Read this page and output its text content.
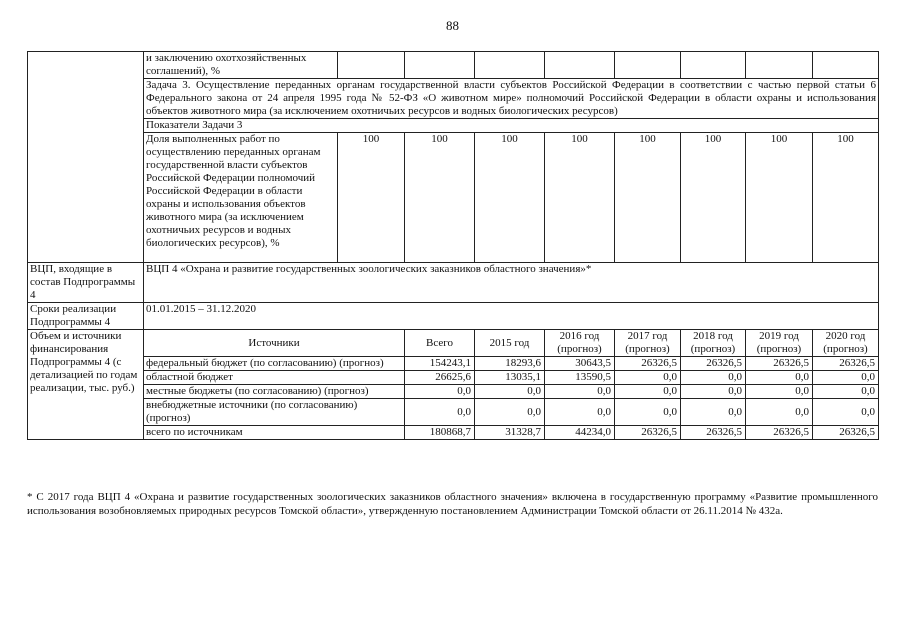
88
	и заключению охотхозяйственных соглашений), %								
	Задача 3. Осуществление переданных органам государственной власти субъектов Российской Федерации в соответствии с частью первой статьи 6 Федерального закона от 24 апреля 1995 года № 52-ФЗ «О животном мире» полномочий Российской Федерации в области охраны и использования объектов животного мира (за исключением охотничьих ресурсов и водных биологических ресурсов)								
	Показатели Задачи 3								
	Доля выполненных работ по осуществлению переданных органам государственной власти субъектов Российской Федерации полномочий Российской Федерации в области охраны и использования объектов животного мира (за исключением охотничьих ресурсов и водных биологических ресурсов), %	100	100	100	100	100	100	100	100
ВЦП, входящие в состав Подпрограммы 4	ВЦП 4 «Охрана и развитие государственных зоологических заказников областного значения»*								
Сроки реализации Подпрограммы 4	01.01.2015 – 31.12.2020								
Объем и источники финансирования Подпрограммы 4 (с детализацией по годам реализации, тыс. руб.)	Источники		Всего	2015 год	2016 год (прогноз)	2017 год (прогноз)	2018 год (прогноз)	2019 год (прогноз)	2020 год (прогноз)
	федеральный бюджет (по согласованию) (прогноз)		154243,1	18293,6	30643,5	26326,5	26326,5	26326,5	26326,5
	областной бюджет		26625,6	13035,1	13590,5	0,0	0,0	0,0	0,0
	местные бюджеты (по согласованию) (прогноз)		0,0	0,0	0,0	0,0	0,0	0,0	0,0
	внебюджетные источники (по согласованию) (прогноз)		0,0	0,0	0,0	0,0	0,0	0,0	0,0
	всего по источникам		180868,7	31328,7	44234,0	26326,5	26326,5	26326,5	26326,5
* С 2017 года ВЦП 4 «Охрана и развитие государственных зоологических заказников областного значения» включена в государственную программу «Развитие промышленного использования возобновляемых природных ресурсов Томской области», утвержденную постановлением Администрации Томской области от 26.11.2014 № 432а.
